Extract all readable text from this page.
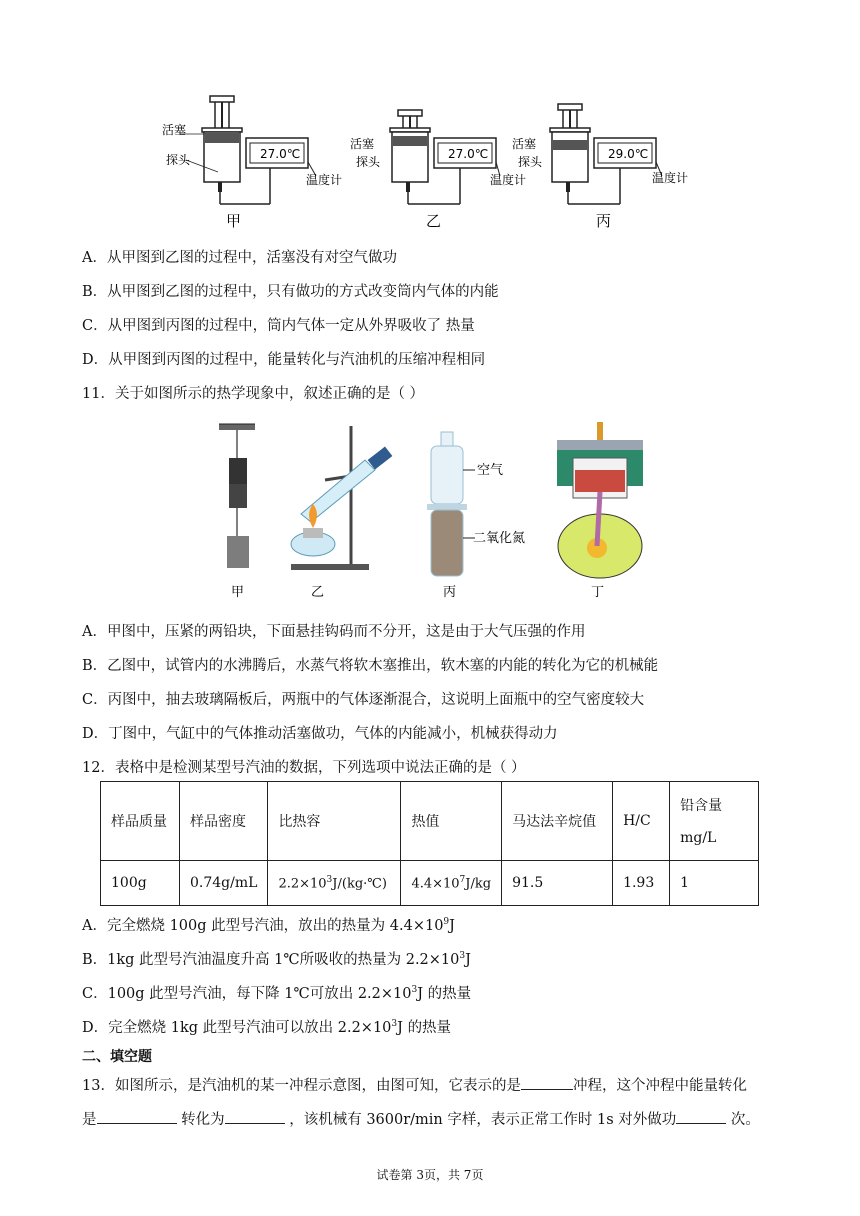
活塞
探头	27.0℃
温度计
甲
活塞
探头
27.0℃
温度计
乙
活塞
探头
29.0℃
温度计
丙
A．从甲图到乙图的过程中，活塞没有对空气做功
B．从甲图到乙图的过程中，只有做功的方式改变筒内气体的内能
C．从甲图到丙图的过程中，筒内气体一定从外界吸收了 热量
D．从甲图到丙图的过程中，能量转化与汽油机的压缩冲程相同
11．关于如图所示的热学现象中，叙述正确的是（ ）
甲	乙	丙	丁
空气
二氧化氮
A．甲图中，压紧的两铅块，下面悬挂钩码而不分开，这是由于大气压强的作用
B．乙图中，试管内的水沸腾后，水蒸气将软木塞推出，软木塞的内能的转化为它的机械能
C．丙图中，抽去玻璃隔板后，两瓶中的气体逐渐混合，这说明上面瓶中的空气密度较大
D．丁图中，气缸中的气体推动活塞做功，气体的内能减小，机械获得动力
12．表格中是检测某型号汽油的数据，下列选项中说法正确的是（ ）
样品质量	样品密度	比热容	热值	马达法辛烷值	H/C	铅含量
mg/L

100g	0.74g/mL	$2.2\times 10^3J/(kg\cdot℃)$	$4.4\times 10^7J/kg$	91.5	1.93	1
A．完全燃烧 100g 此型号汽油，放出的热量为 $4.4\times 10^9J$
B．1kg 此型号汽油温度升高 1℃所吸收的热量为 $2.2\times 10^3J$
C．100g 此型号汽油，每下降 1℃可放出 $2.2\times 10^3J$ 的热量
D．完全燃烧 1kg 此型号汽油可以放出 $2.2\times 10^3J$ 的热量
二、填空题
13．如图所示，是汽油机的某一冲程示意图，由图可知，它表示的是	冲程，这个冲程中能量转化
是	转化为	，该机械有 3600r/min 字样，表示正常工作时 1s 对外做功	次。
试卷第 3页，共 7页
